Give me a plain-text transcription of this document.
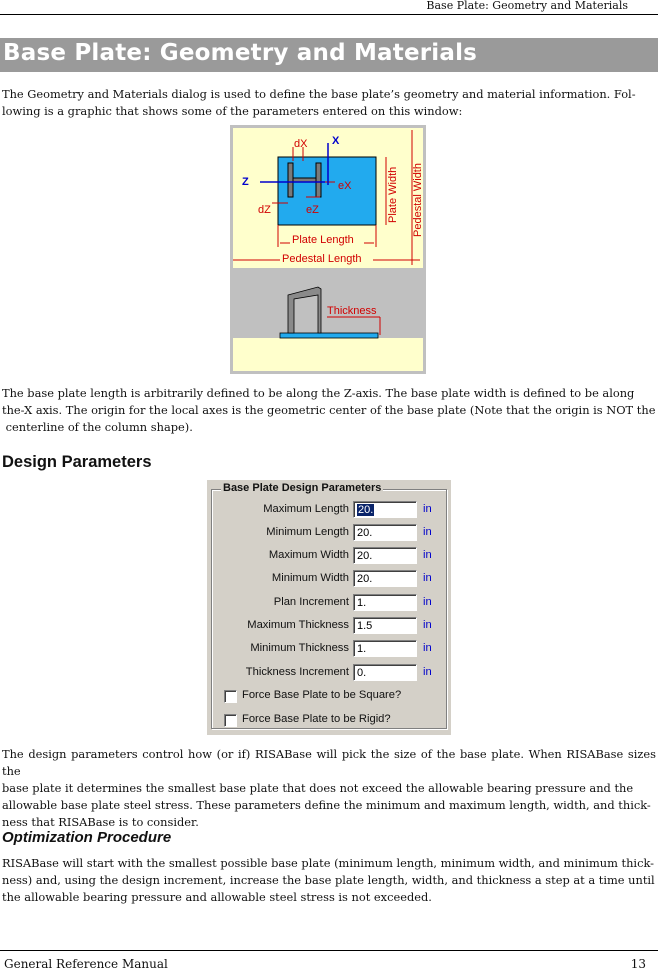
Base Plate: Geometry and Materials
Base Plate: Geometry and Materials
The Geometry and Materials dialog is used to define the base plate’s geometry and material information. Fol-
lowing is a graphic that shows some of the parameters entered on this window:
dX X
Z	eX
dZ	eZ
Plate Length
Pedestal Length
Plate Width Pedestal Width
Thickness
The base plate length is arbitrarily defined to be along the Z-axis. The base plate width is defined to be along
the-X axis. The origin for the local axes is the geometric center of the base plate (Note that the origin is NOT the
centerline of the column shape).
Design Parameters
Base Plate Design Parameters
Maximum Length 20.	in
Minimum Length 20.	in
Maximum Width 20.	in
Minimum Width 20.	in
Plan Increment 1.	in
Maximum Thickness 1.5	in
Minimum Thickness 1.	in
Thickness Increment 0.	in
Force Base Plate to be Square?
Force Base Plate to be Rigid?
The design parameters control how (or if) RISABase will pick the size of the base plate. When RISABase sizes the
base plate it determines the smallest base plate that does not exceed the allowable bearing pressure and the
allowable base plate steel stress. These parameters define the minimum and maximum length, width, and thick-
ness that RISABase is to consider.
Optimization Procedure
RISABase will start with the smallest possible base plate (minimum length, minimum width, and minimum thick-
ness) and, using the design increment, increase the base plate length, width, and thickness a step at a time until
the allowable bearing pressure and allowable steel stress is not exceeded.
General Reference Manual	13
